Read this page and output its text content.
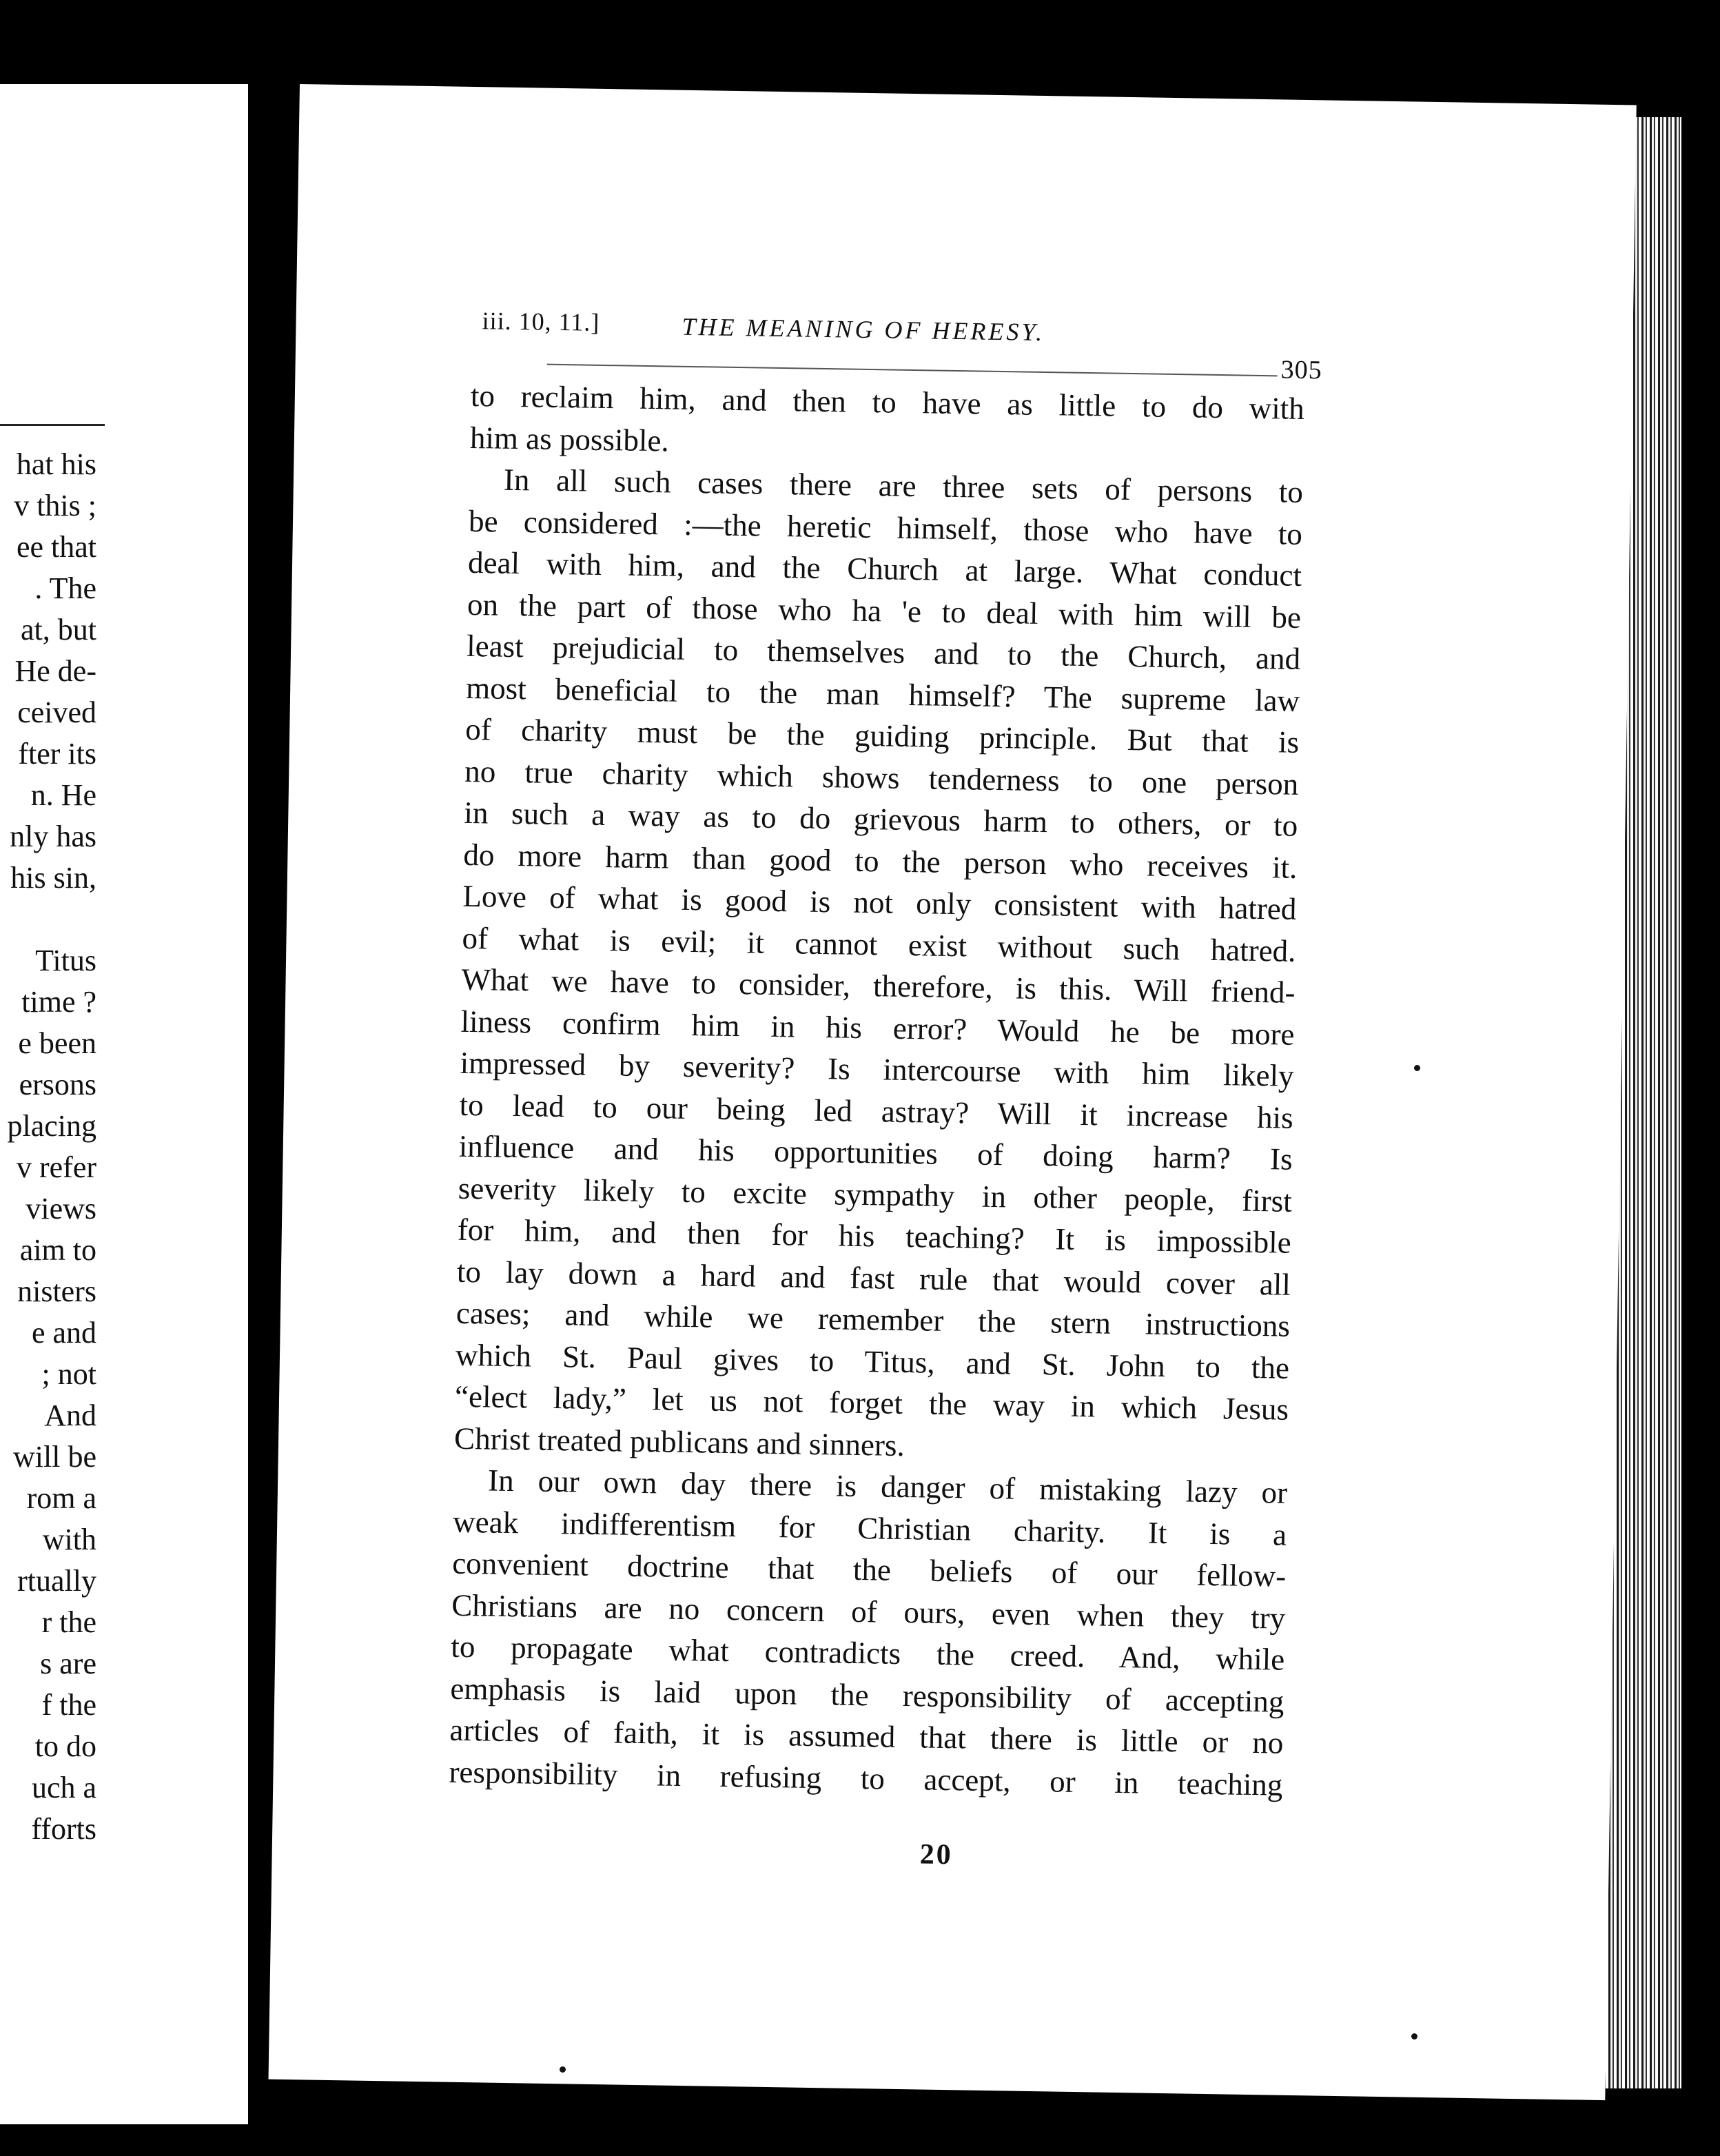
hat his
v this ;
ee that
. The
at, but
He de-
ceived
fter its
n. He
nly has
his sin,

Titus
time ?
e been
ersons
placing
v refer
views
aim to
nisters
e and
; not
And
will be
rom a
with
rtually
r the
s are
f the
to do
uch a
fforts
iii. 10, 11.]	THE MEANING OF HERESY.
305
to reclaim him, and then to have as little to do with
him as possible.
In all such cases there are three sets of persons to
be considered :—the heretic himself, those who have to
deal with him, and the Church at large. What conduct
on the part of those who ha 'e to deal with him will be
least prejudicial to themselves and to the Church, and
most beneficial to the man himself? The supreme law
of charity must be the guiding principle. But that is
no true charity which shows tenderness to one person
in such a way as to do grievous harm to others, or to
do more harm than good to the person who receives it.
Love of what is good is not only consistent with hatred
of what is evil; it cannot exist without such hatred.
What we have to consider, therefore, is this. Will friend-
liness confirm him in his error? Would he be more
impressed by severity? Is intercourse with him likely
to lead to our being led astray? Will it increase his
influence and his opportunities of doing harm? Is
severity likely to excite sympathy in other people, first
for him, and then for his teaching? It is impossible
to lay down a hard and fast rule that would cover all
cases; and while we remember the stern instructions
which St. Paul gives to Titus, and St. John to the
“elect lady,” let us not forget the way in which Jesus
Christ treated publicans and sinners.
In our own day there is danger of mistaking lazy or
weak indifferentism for Christian charity. It is a
convenient doctrine that the beliefs of our fellow-
Christians are no concern of ours, even when they try
to propagate what contradicts the creed. And, while
emphasis is laid upon the responsibility of accepting
articles of faith, it is assumed that there is little or no
responsibility in refusing to accept, or in teaching
20
